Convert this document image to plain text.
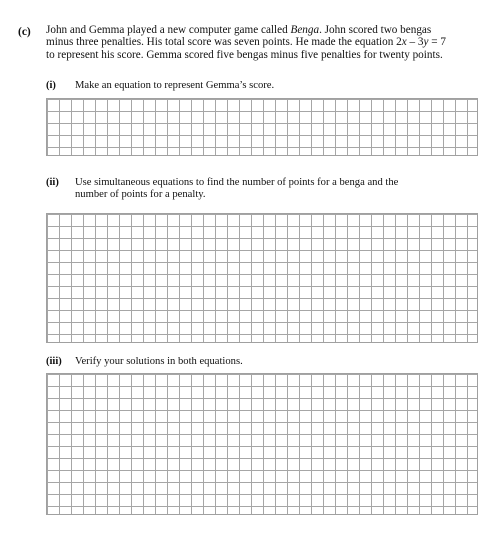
(c) John and Gemma played a new computer game called Benga. John scored two bengas
minus three penalties. His total score was seven points. He made the equation 2x – 3y = 7
to represent his score. Gemma scored five bengas minus five penalties for twenty points.
(i) Make an equation to represent Gemma’s score.
(ii) Use simultaneous equations to find the number of points for a benga and the
number of points for a penalty.
(iii) Verify your solutions in both equations.
